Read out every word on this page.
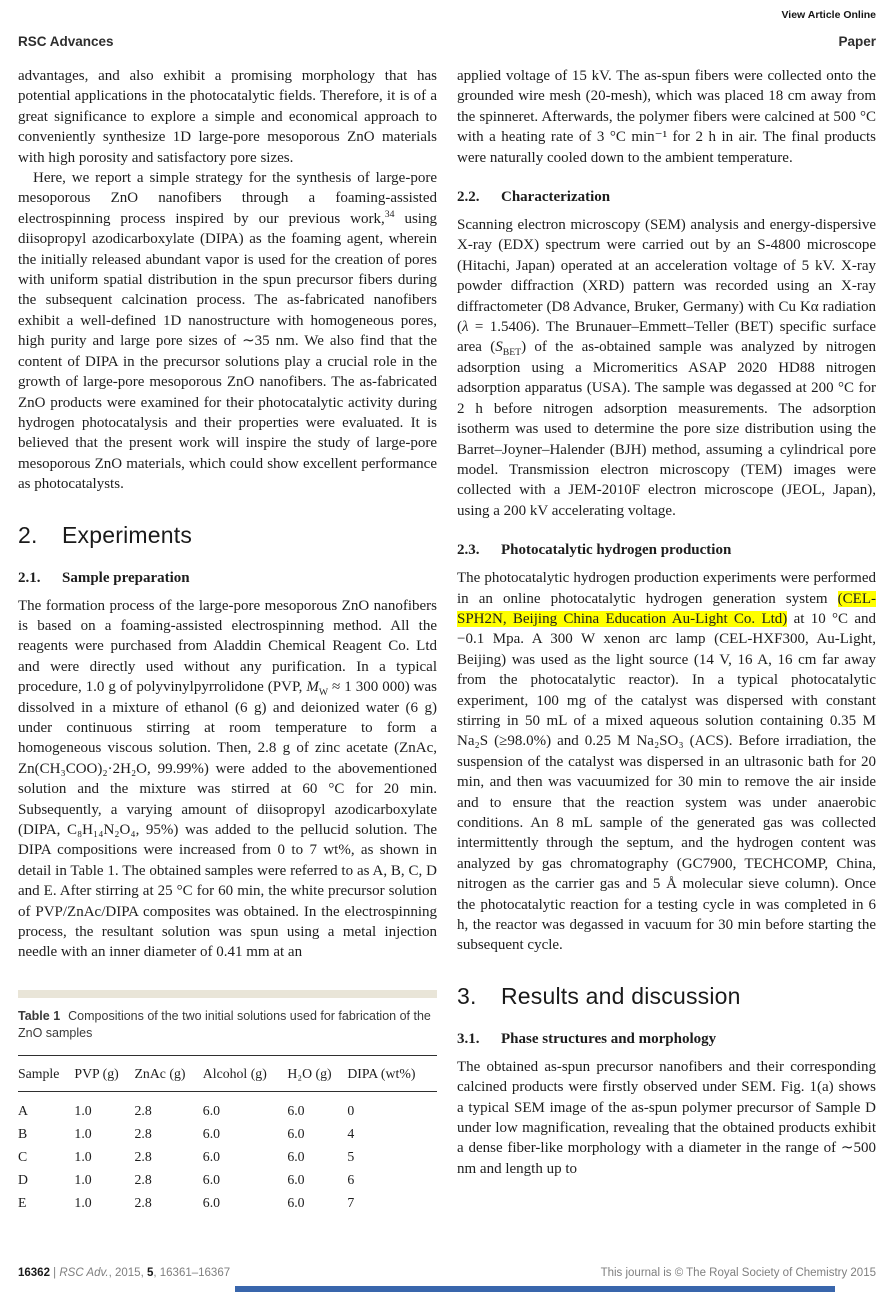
View Article Online
RSC Advances	Paper

advantages, and also exhibit a promising morphology that has potential applications in the photocatalytic fields. Therefore, it is of a great significance to explore a simple and economical approach to conveniently synthesize 1D large-pore mesoporous ZnO materials with high porosity and satisfactory pore sizes.

Here, we report a simple strategy for the synthesis of large-pore mesoporous ZnO nanofibers through a foaming-assisted electrospinning process inspired by our previous work,$^{34}$ using diisopropyl azodicarboxylate (DIPA) as the foaming agent, wherein the initially released abundant vapor is used for the creation of pores with uniform spatial distribution in the spun precursor fibers during the subsequent calcination process. The as-fabricated nanofibers exhibit a well-defined 1D nanostructure with homogeneous pores, high purity and large pore sizes of ∼35 nm. We also find that the content of DIPA in the precursor solutions play a crucial role in the growth of large-pore mesoporous ZnO nanofibers. The as-fabricated ZnO products were examined for their photocatalytic activity during hydrogen photocatalysis and their properties were evaluated. It is believed that the present work will inspire the study of large-pore mesoporous ZnO materials, which could show excellent performance as photocatalysts.

2.	Experiments
2.1.	Sample preparation

The formation process of the large-pore mesoporous ZnO nanofibers is based on a foaming-assisted electrospinning method. All the reagents were purchased from Aladdin Chemical Reagent Co. Ltd and were directly used without any purification. In a typical procedure, 1.0 g of polyvinylpyrrolidone (PVP, $M_W \approx 1$ 300 000) was dissolved in a mixture of ethanol (6 g) and deionized water (6 g) under continuous stirring at room temperature to form a homogeneous viscous solution. Then, 2.8 g of zinc acetate (ZnAc, Zn(CH₃COO)₂·2H₂O, 99.99%) were added to the abovementioned solution and the mixture was stirred at 60 °C for 20 min. Subsequently, a varying amount of diisopropyl azodicarboxylate (DIPA, C₈H₁₄N₂O₄, 95%) was added to the pellucid solution. The DIPA compositions were increased from 0 to 7 wt%, as shown in detail in Table 1. The obtained samples were referred to as A, B, C, D and E. After stirring at 25 °C for 60 min, the white precursor solution of PVP/ZnAc/DIPA composites was obtained. In the electrospinning process, the resultant solution was spun using a metal injection needle with an inner diameter of 0.41 mm at an

Table 1 Compositions of the two initial solutions used for fabrication of the ZnO samples
Sample	PVP (g)	ZnAc (g)	Alcohol (g)	H₂O (g)	DIPA (wt%)
A	1.0	2.8	6.0	6.0	0
B	1.0	2.8	6.0	6.0	4
C	1.0	2.8	6.0	6.0	5
D	1.0	2.8	6.0	6.0	6
E	1.0	2.8	6.0	6.0	7

applied voltage of 15 kV. The as-spun fibers were collected onto the grounded wire mesh (20-mesh), which was placed 18 cm away from the spinneret. Afterwards, the polymer fibers were calcined at 500 °C with a heating rate of 3 °C min⁻¹ for 2 h in air. The final products were naturally cooled down to the ambient temperature.

2.2.	Characterization

Scanning electron microscopy (SEM) analysis and energy-dispersive X-ray (EDX) spectrum were carried out by an S-4800 microscope (Hitachi, Japan) operated at an acceleration voltage of 5 kV. X-ray powder diffraction (XRD) pattern was recorded using an X-ray diffractometer (D8 Advance, Bruker, Germany) with Cu Kα radiation (λ = 1.5406). The Brunauer–Emmett–Teller (BET) specific surface area $(S_{BET})$ of the as-obtained sample was analyzed by nitrogen adsorption using a Micromeritics ASAP 2020 HD88 nitrogen adsorption apparatus (USA). The sample was degassed at 200 °C for 2 h before nitrogen adsorption measurements. The adsorption isotherm was used to determine the pore size distribution using the Barret–Joyner–Halender (BJH) method, assuming a cylindrical pore model. Transmission electron microscopy (TEM) images were collected with a JEM-2010F electron microscope (JEOL, Japan), using a 200 kV accelerating voltage.

2.3.	Photocatalytic hydrogen production

The photocatalytic hydrogen production experiments were performed in an online photocatalytic hydrogen generation system (CEL-SPH2N, Beijing China Education Au-Light Co. Ltd) at 10 °C and −0.1 Mpa. A 300 W xenon arc lamp (CEL-HXF300, Au-Light, Beijing) was used as the light source (14 V, 16 A, 16 cm far away from the photocatalytic reactor). In a typical photocatalytic experiment, 100 mg of the catalyst was dispersed with constant stirring in 50 mL of a mixed aqueous solution containing 0.35 M Na₂S (≥98.0%) and 0.25 M Na₂SO₃ (ACS). Before irradiation, the suspension of the catalyst was dispersed in an ultrasonic bath for 20 min, and then was vacuumized for 30 min to remove the air inside and to ensure that the reaction system was under anaerobic conditions. An 8 mL sample of the generated gas was collected intermittently through the septum, and the hydrogen content was analyzed by gas chromatography (GC7900, TECHCOMP, China, nitrogen as the carrier gas and 5 Å molecular sieve column). Once the photocatalytic reaction for a testing cycle in was completed in 6 h, the reactor was degassed in vacuum for 30 min before starting the subsequent cycle.

3.	Results and discussion
3.1.	Phase structures and morphology

The obtained as-spun precursor nanofibers and their corresponding calcined products were firstly observed under SEM. Fig. 1(a) shows a typical SEM image of the as-spun polymer precursor of Sample D under low magnification, revealing that the obtained products exhibit a dense fiber-like morphology with a diameter in the range of ∼500 nm and length up to

16362 | RSC Adv., 2015, 5, 16361–16367	This journal is © The Royal Society of Chemistry 2015
